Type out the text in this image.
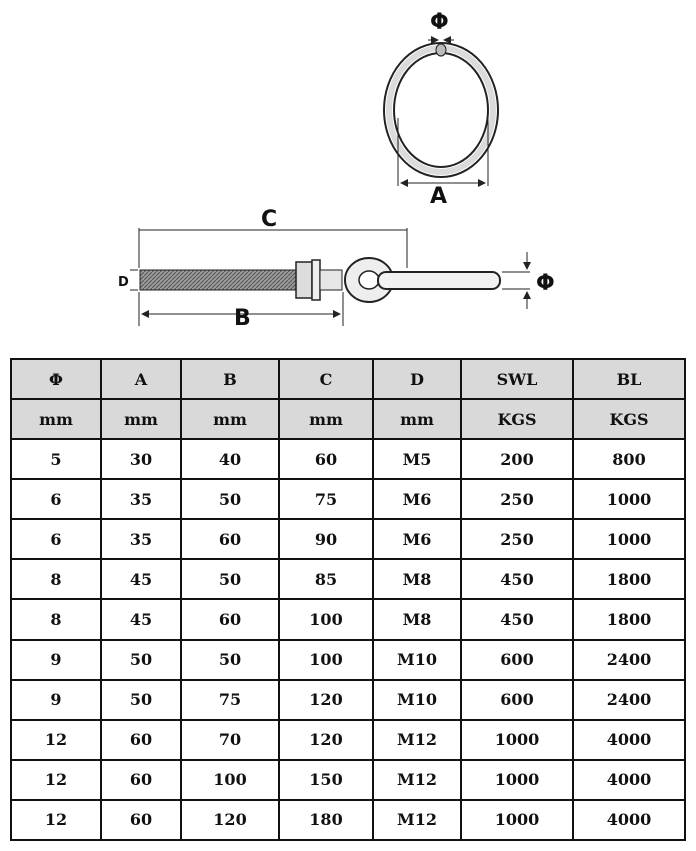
Φ
A
C
D
B
Φ
Φ	A	B	C	D	SWL	BL
mm	mm	mm	mm	mm	KGS	KGS
5	30	40	60	M5	200	800
6	35	50	75	M6	250	1000
6	35	60	90	M6	250	1000
8	45	50	85	M8	450	1800
8	45	60	100	M8	450	1800
9	50	50	100	M10	600	2400
9	50	75	120	M10	600	2400
12	60	70	120	M12	1000	4000
12	60	100	150	M12	1000	4000
12	60	120	180	M12	1000	4000
